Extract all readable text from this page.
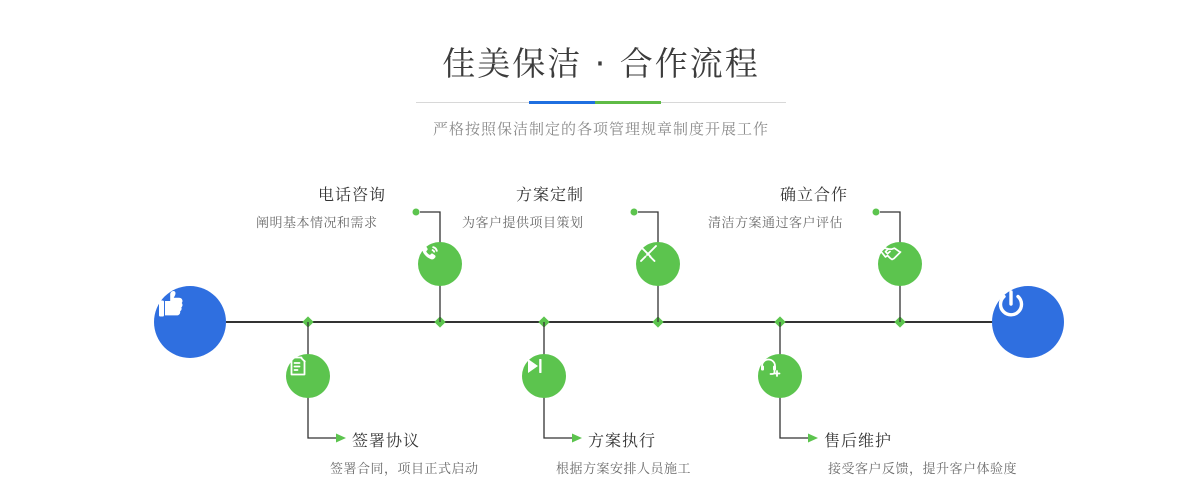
佳美保洁 · 合作流程

严格按照保洁制定的各项管理规章制度开展工作

电话咨询
阐明基本情况和需求
方案定制
为客户提供项目策划
确立合作
清洁方案通过客户评估
签署协议
签署合同，项目正式启动
方案执行
根据方案安排人员施工
售后维护
接受客户反馈，提升客户体验度
